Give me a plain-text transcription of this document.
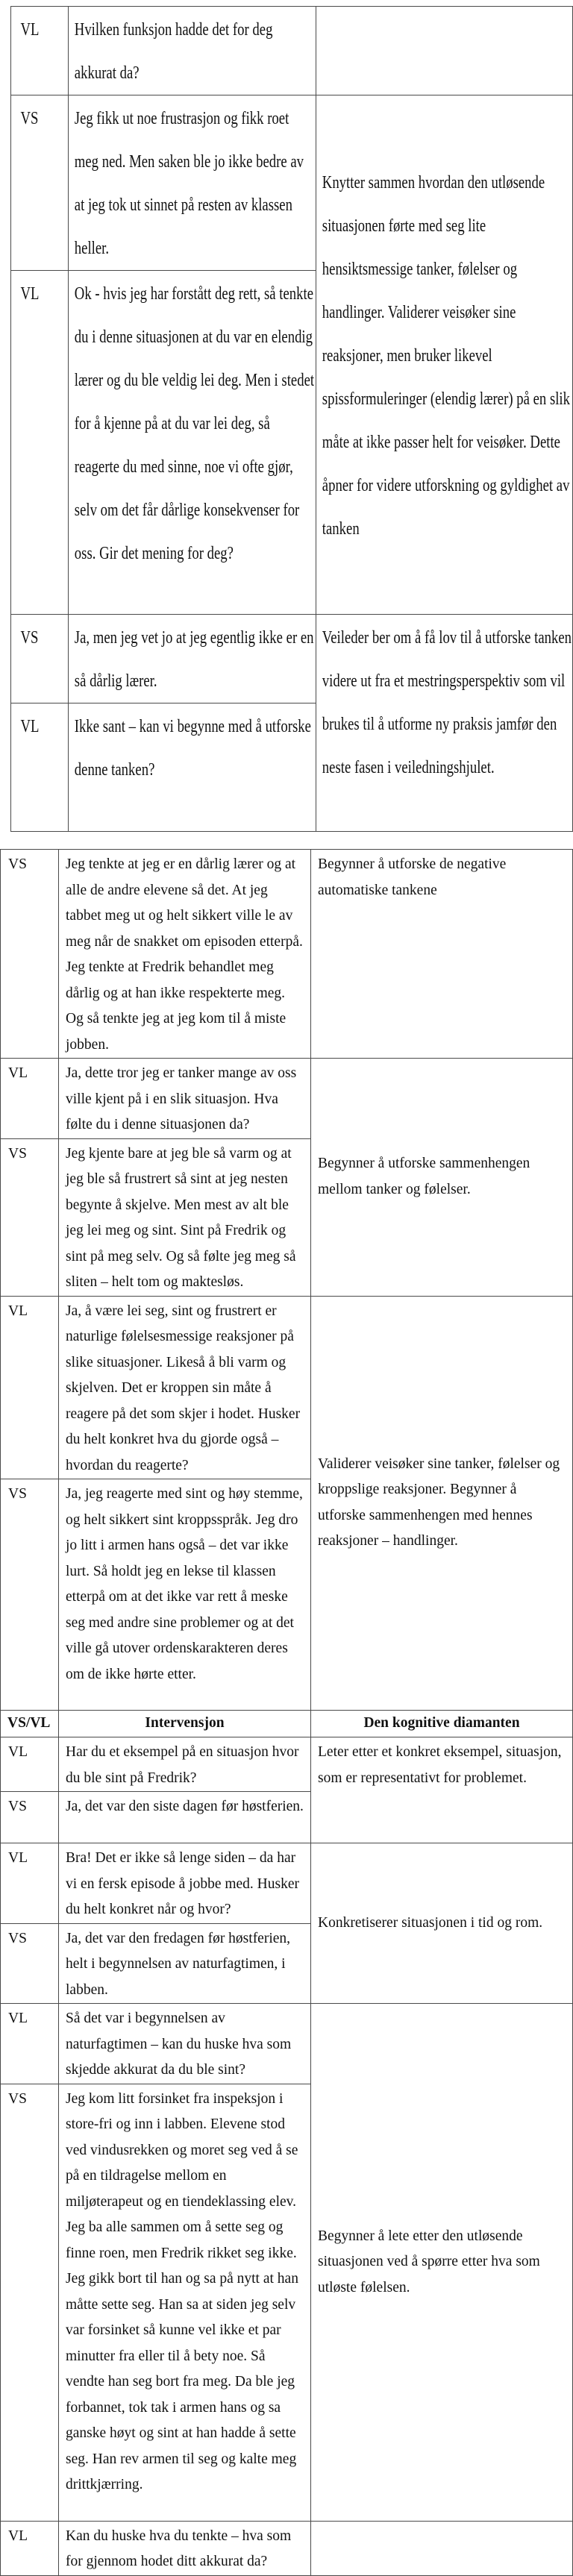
VL	Hvilken funksjon hadde det for deg akkurat da?	

VS	Jeg fikk ut noe frustrasjon og fikk roet meg ned. Men saken ble jo ikke bedre av at jeg tok ut sinnet på resten av klassen heller.	Knytter sammen hvordan den utløsende situasjonen førte med seg lite hensiktsmessige tanker, følelser og handlinger. Validerer veisøker sine reaksjoner, men bruker likevel spissformuleringer (elendig lærer) på en slik måte at ikke passer helt for veisøker. Dette åpner for videre utforskning og gyldighet av tanken

VL	Ok - hvis jeg har forstått deg rett, så tenkte du i denne situasjonen at du var en elendig lærer og du ble veldig lei deg. Men i stedet for å kjenne på at du var lei deg, så reagerte du med sinne, noe vi ofte gjør, selv om det får dårlige konsekvenser for oss. Gir det mening for deg?	

VS	Ja, men jeg vet jo at jeg egentlig ikke er en så dårlig lærer.	Veileder ber om å få lov til å utforske tanken videre ut fra et mestringsperspektiv som vil brukes til å utforme ny praksis jamfør den neste fasen i veiledningshjulet.

VL	Ikke sant – kan vi begynne med å utforske denne tanken?	
VS	Jeg tenkte at jeg er en dårlig lærer og at alle de andre elevene så det. At jeg tabbet meg ut og helt sikkert ville le av meg når de snakket om episoden etterpå. Jeg tenkte at Fredrik behandlet meg dårlig og at han ikke respekterte meg. Og så tenkte jeg at jeg kom til å miste jobben.	Begynner å utforske de negative automatiske tankene
VL	Ja, dette tror jeg er tanker mange av oss ville kjent på i en slik situasjon. Hva følte du i denne situasjonen da?	Begynner å utforske sammenhengen mellom tanker og følelser.
VS	Jeg kjente bare at jeg ble så varm og at jeg ble så frustrert så sint at jeg nesten begynte å skjelve. Men mest av alt ble jeg lei meg og sint. Sint på Fredrik og sint på meg selv. Og så følte jeg meg så sliten – helt tom og maktesløs.	
VL	Ja, å være lei seg, sint og frustrert er naturlige følelsesmessige reaksjoner på slike situasjoner. Likeså å bli varm og skjelven. Det er kroppen sin måte å reagere på det som skjer i hodet. Husker du helt konkret hva du gjorde også – hvordan du reagerte?	Validerer veisøker sine tanker, følelser og kroppslige reaksjoner. Begynner å utforske sammenhengen med hennes reaksjoner – handlinger.
VS	Ja, jeg reagerte med sint og høy stemme, og helt sikkert sint kroppsspråk. Jeg dro jo litt i armen hans også – det var ikke lurt. Så holdt jeg en lekse til klassen etterpå om at det ikke var rett å meske seg med andre sine problemer og at det ville gå utover ordenskarakteren deres om de ikke hørte etter.	
VS/VL	Intervensjon	Den kognitive diamanten
VL	Har du et eksempel på en situasjon hvor du ble sint på Fredrik?	Leter etter et konkret eksempel, situasjon, som er representativt for problemet.
VS	Ja, det var den siste dagen før høstferien.	
VL	Bra! Det er ikke så lenge siden – da har vi en fersk episode å jobbe med. Husker du helt konkret når og hvor?	Konkretiserer situasjonen i tid og rom.
VS	Ja, det var den fredagen før høstferien, helt i begynnelsen av naturfagtimen, i labben.	
VL	Så det var i begynnelsen av naturfagtimen – kan du huske hva som skjedde akkurat da du ble sint?	Begynner å lete etter den utløsende situasjonen ved å spørre etter hva som utløste følelsen.
VS	Jeg kom litt forsinket fra inspeksjon i store-fri og inn i labben. Elevene stod ved vindusrekken og moret seg ved å se på en tildragelse mellom en miljøterapeut og en tiendeklassing elev. Jeg ba alle sammen om å sette seg og finne roen, men Fredrik rikket seg ikke. Jeg gikk bort til han og sa på nytt at han måtte sette seg. Han sa at siden jeg selv var forsinket så kunne vel ikke et par minutter fra eller til å bety noe. Så vendte han seg bort fra meg. Da ble jeg forbannet, tok tak i armen hans og sa ganske høyt og sint at han hadde å sette seg. Han rev armen til seg og kalte meg drittkjærring.	
VL	Kan du huske hva du tenkte – hva som for gjennom hodet ditt akkurat da?	
